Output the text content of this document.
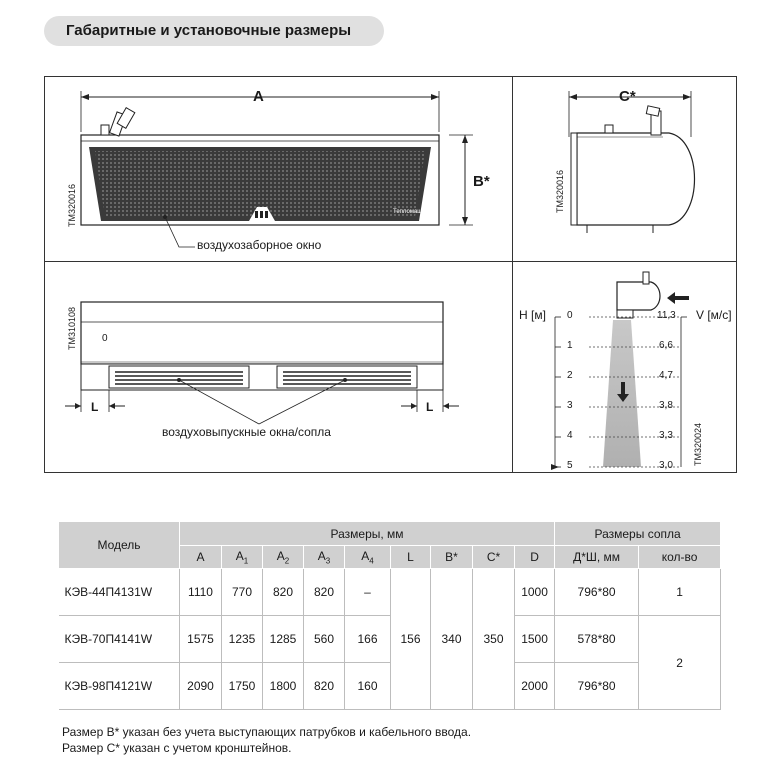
Габаритные и установочные размеры
A
B*
TM320016	Тепломаш
воздухозаборное окно
C*
TM320016
0
TM310108
L	L
воздуховыпускные окна/сопла
H [м]	V [м/с]
0
1
2
3
4
5
11,3
6,6
4,7
3,8
3,3
3,0 TM320024
Модель	Размеры, мм									Размеры сопла	
	A	$A_1$	$A_2$	$A_3$	$A_4$	L	B*	C*	D	Д*Ш, мм	кол-во
КЭВ-44П4131W	1110	770	820	820	–	156	340	350	1000	796*80	1
КЭВ-70П4141W	1575	1235	1285	560	166				1500	578*80	2
КЭВ-98П4121W	2090	1750	1800	820	160				2000	796*80	
Размер В* указан без учета выступающих патрубков и кабельного ввода.
Размер С* указан с учетом кронштейнов.
